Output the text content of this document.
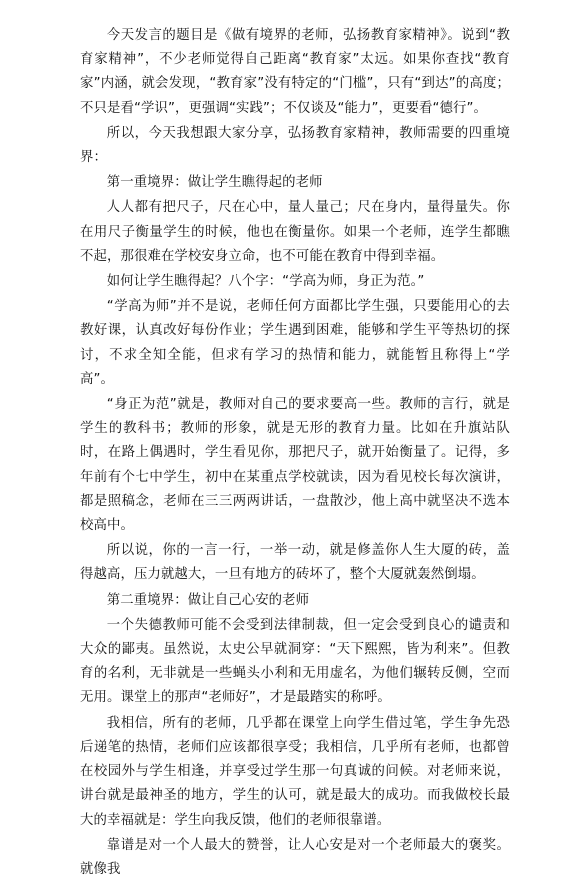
今天发言的题目是《做有境界的老师，弘扬教育家精神》。说到“教育家精神”，不少老师觉得自己距离“教育家”太远。如果你查找“教育家”内涵，就会发现，“教育家”没有特定的“门槛”，只有“到达”的高度；不只是看“学识”，更强调“实践”；不仅谈及“能力”，更要看“德行”。

所以，今天我想跟大家分享，弘扬教育家精神，教师需要的四重境界：

第一重境界：做让学生瞧得起的老师

人人都有把尺子，尺在心中，量人量己；尺在身内，量得量失。你在用尺子衡量学生的时候，他也在衡量你。如果一个老师，连学生都瞧不起，那很难在学校安身立命，也不可能在教育中得到幸福。

如何让学生瞧得起？八个字：“学高为师，身正为范。”

“学高为师”并不是说，老师任何方面都比学生强，只要能用心的去教好课，认真改好每份作业；学生遇到困难，能够和学生平等热切的探讨，不求全知全能，但求有学习的热情和能力，就能暂且称得上“学高”。

“身正为范”就是，教师对自己的要求要高一些。教师的言行，就是学生的教科书；教师的形象，就是无形的教育力量。比如在升旗站队时，在路上偶遇时，学生看见你，那把尺子，就开始衡量了。记得，多年前有个七中学生，初中在某重点学校就读，因为看见校长每次演讲，都是照稿念，老师在三三两两讲话，一盘散沙，他上高中就坚决不选本校高中。

所以说，你的一言一行，一举一动，就是修盖你人生大厦的砖，盖得越高，压力就越大，一旦有地方的砖坏了，整个大厦就轰然倒塌。

第二重境界：做让自己心安的老师

一个失德教师可能不会受到法律制裁，但一定会受到良心的谴责和大众的鄙夷。虽然说，太史公早就洞穿：“天下熙熙，皆为利来”。但教育的名利，无非就是一些蝇头小利和无用虚名，为他们辗转反侧，空而无用。课堂上的那声“老师好”，才是最踏实的称呼。

我相信，所有的老师，几乎都在课堂上向学生借过笔，学生争先恐后递笔的热情，老师们应该都很享受；我相信，几乎所有老师，也都曾在校园外与学生相逢，并享受过学生那一句真诚的问候。对老师来说，讲台就是最神圣的地方，学生的认可，就是最大的成功。而我做校长最大的幸福就是：学生向我反馈，他们的老师很靠谱。

靠谱是对一个人最大的赞誉，让人心安是对一个老师最大的褒奖。就像我
